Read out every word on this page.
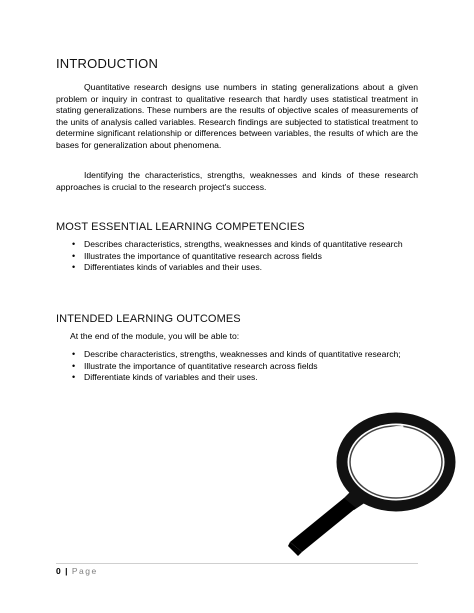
INTRODUCTION

Quantitative research designs use numbers in stating generalizations about a given problem or inquiry in contrast to qualitative research that hardly uses statistical treatment in stating generalizations. These numbers are the results of objective scales of measurements of the units of analysis called variables. Research findings are subjected to statistical treatment to determine significant relationship or differences between variables, the results of which are the bases for generalization about phenomena.

Identifying the characteristics, strengths, weaknesses and kinds of these research approaches is crucial to the research project's success.

MOST ESSENTIAL LEARNING COMPETENCIES
• Describes characteristics, strengths, weaknesses and kinds of quantitative research
• Illustrates the importance of quantitative research across fields
• Differentiates kinds of variables and their uses.
INTENDED LEARNING OUTCOMES
At the end of the module, you will be able to:
• Describe characteristics, strengths, weaknesses and kinds of quantitative research;
• Illustrate the importance of quantitative research across fields
• Differentiate kinds of variables and their uses.
0 | Page
